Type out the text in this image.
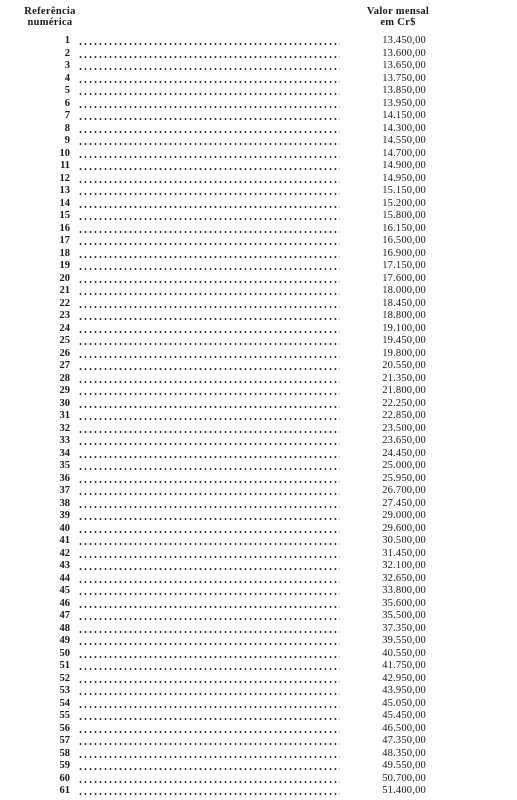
Referência
numérica
Valor mensal
em Cr$
1	13.450,00
2	13.600,00
3	13.650,00
4	13.750,00
5	13.850,00
6	13.950,00
7	14.150,00
8	14.300,00
9	14.550,00
10	14.700,00
11	14.900,00
12	14.950,00
13	15.150,00
14	15.200,00
15	15.800,00
16	16.150,00
17	16.500,00
18	16.900,00
19	17.150,00
20	17.600,00
21	18.000,00
22	18.450,00
23	18.800,00
24	19.100,00
25	19.450,00
26	19.800,00
27	20.550,00
28	21.350,00
29	21.800,00
30	22.250,00
31	22.850,00
32	23.500,00
33	23.650,00
34	24.450,00
35	25.000,00
36	25.950,00
37	26.700,00
38	27.450,00
39	29.000,00
40	29.600,00
41	30.500,00
42	31.450,00
43	32.100,00
44	32.650,00
45	33.800,00
46	35.600,00
47	35.500,00
48	37.350,00
49	39.550,00
50	40.550,00
51	41.750,00
52	42.950,00
53	43.950,00
54	45.050,00
55	45.450,00
56	46.500,00
57	47.350,00
58	48.350,00
59	49.550,00
60	50.700,00
61	51.400,00
